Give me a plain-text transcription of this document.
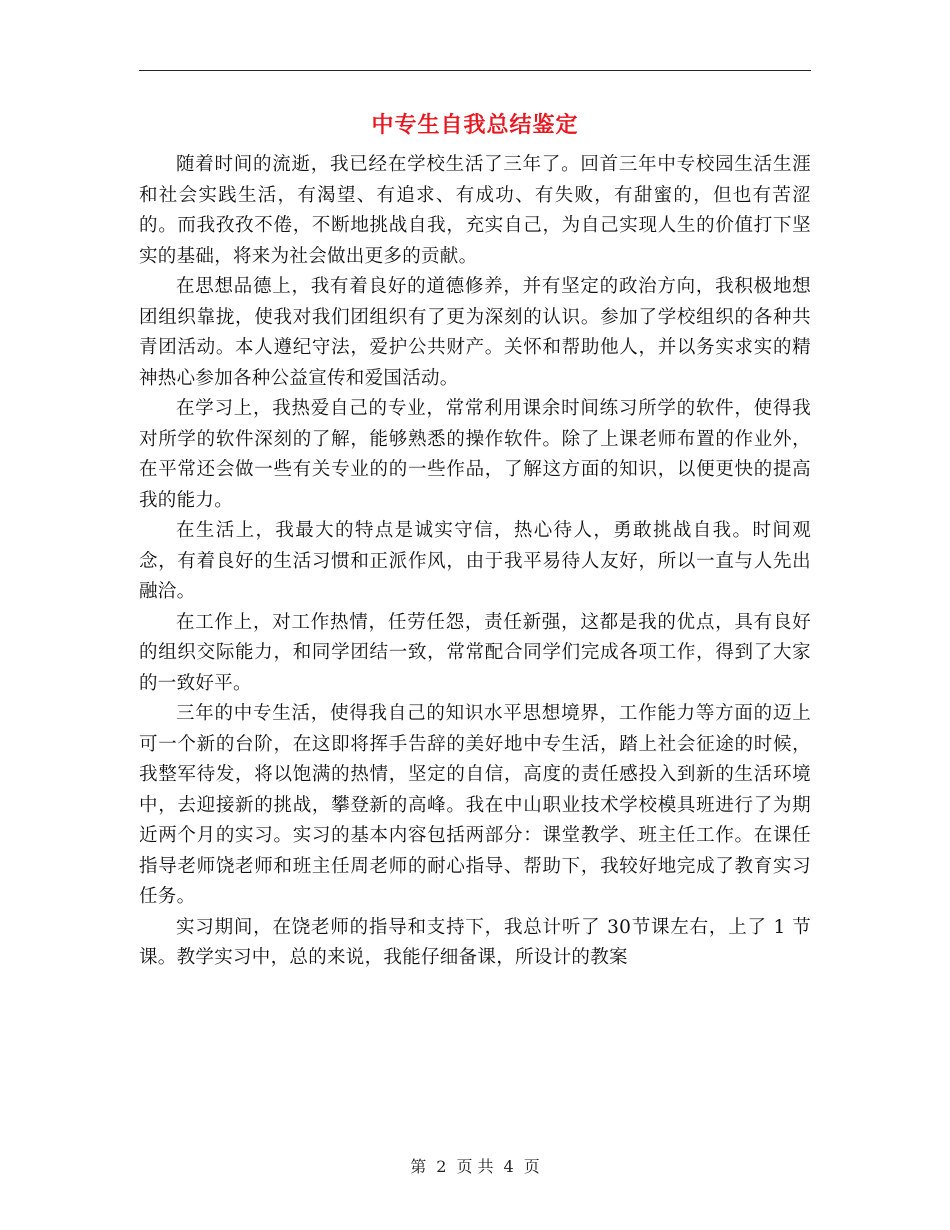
中专生自我总结鉴定

随着时间的流逝，我已经在学校生活了三年了。回首三年中专校园生活生涯和社会实践生活，有渴望、有追求、有成功、有失败，有甜蜜的，但也有苦涩的。而我孜孜不倦，不断地挑战自我，充实自己，为自己实现人生的价值打下坚实的基础，将来为社会做出更多的贡献。

在思想品德上，我有着良好的道德修养，并有坚定的政治方向，我积极地想团组织靠拢，使我对我们团组织有了更为深刻的认识。参加了学校组织的各种共青团活动。本人遵纪守法，爱护公共财产。关怀和帮助他人，并以务实求实的精神热心参加各种公益宣传和爱国活动。

在学习上，我热爱自己的专业，常常利用课余时间练习所学的软件，使得我对所学的软件深刻的了解，能够熟悉的操作软件。除了上课老师布置的作业外，在平常还会做一些有关专业的的一些作品，了解这方面的知识，以便更快的提高我的能力。

在生活上，我最大的特点是诚实守信，热心待人，勇敢挑战自我。时间观念，有着良好的生活习惯和正派作风，由于我平易待人友好，所以一直与人先出融洽。

在工作上，对工作热情，任劳任怨，责任新强，这都是我的优点，具有良好的组织交际能力，和同学团结一致，常常配合同学们完成各项工作，得到了大家的一致好平。

三年的中专生活，使得我自己的知识水平思想境界，工作能力等方面的迈上可一个新的台阶，在这即将挥手告辞的美好地中专生活，踏上社会征途的时候，我整军待发，将以饱满的热情，坚定的自信，高度的责任感投入到新的生活环境中，去迎接新的挑战，攀登新的高峰。我在中山职业技术学校模具班进行了为期近两个月的实习。实习的基本内容包括两部分：课堂教学、班主任工作。在课任指导老师饶老师和班主任周老师的耐心指导、帮助下，我较好地完成了教育实习任务。

实习期间，在饶老师的指导和支持下，我总计听了 30节课左右，上了 1 节课。教学实习中，总的来说，我能仔细备课，所设计的教案

第 2 页 共 4 页
